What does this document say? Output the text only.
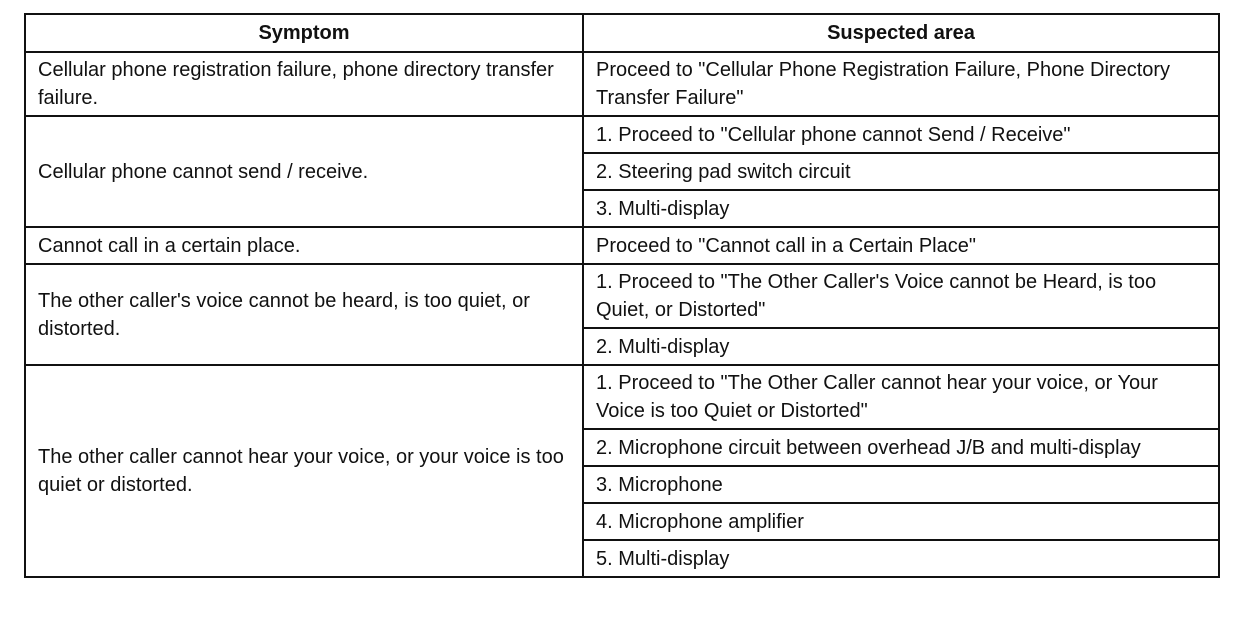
Symptom	Suspected area
Cellular phone registration failure, phone directory transfer failure.	Proceed to "Cellular Phone Registration Failure, Phone Directory Transfer Failure"
Cellular phone cannot send / receive.	1. Proceed to "Cellular phone cannot Send / Receive"
	2. Steering pad switch circuit
	3. Multi-display
Cannot call in a certain place.	Proceed to "Cannot call in a Certain Place"
The other caller's voice cannot be heard, is too quiet, or distorted.	1. Proceed to "The Other Caller's Voice cannot be Heard, is too Quiet, or Distorted"
	2. Multi-display
The other caller cannot hear your voice, or your voice is too quiet or distorted.	1. Proceed to "The Other Caller cannot hear your voice, or Your Voice is too Quiet or Distorted"
	2. Microphone circuit between overhead J/B and multi-display
	3. Microphone
	4. Microphone amplifier
	5. Multi-display
